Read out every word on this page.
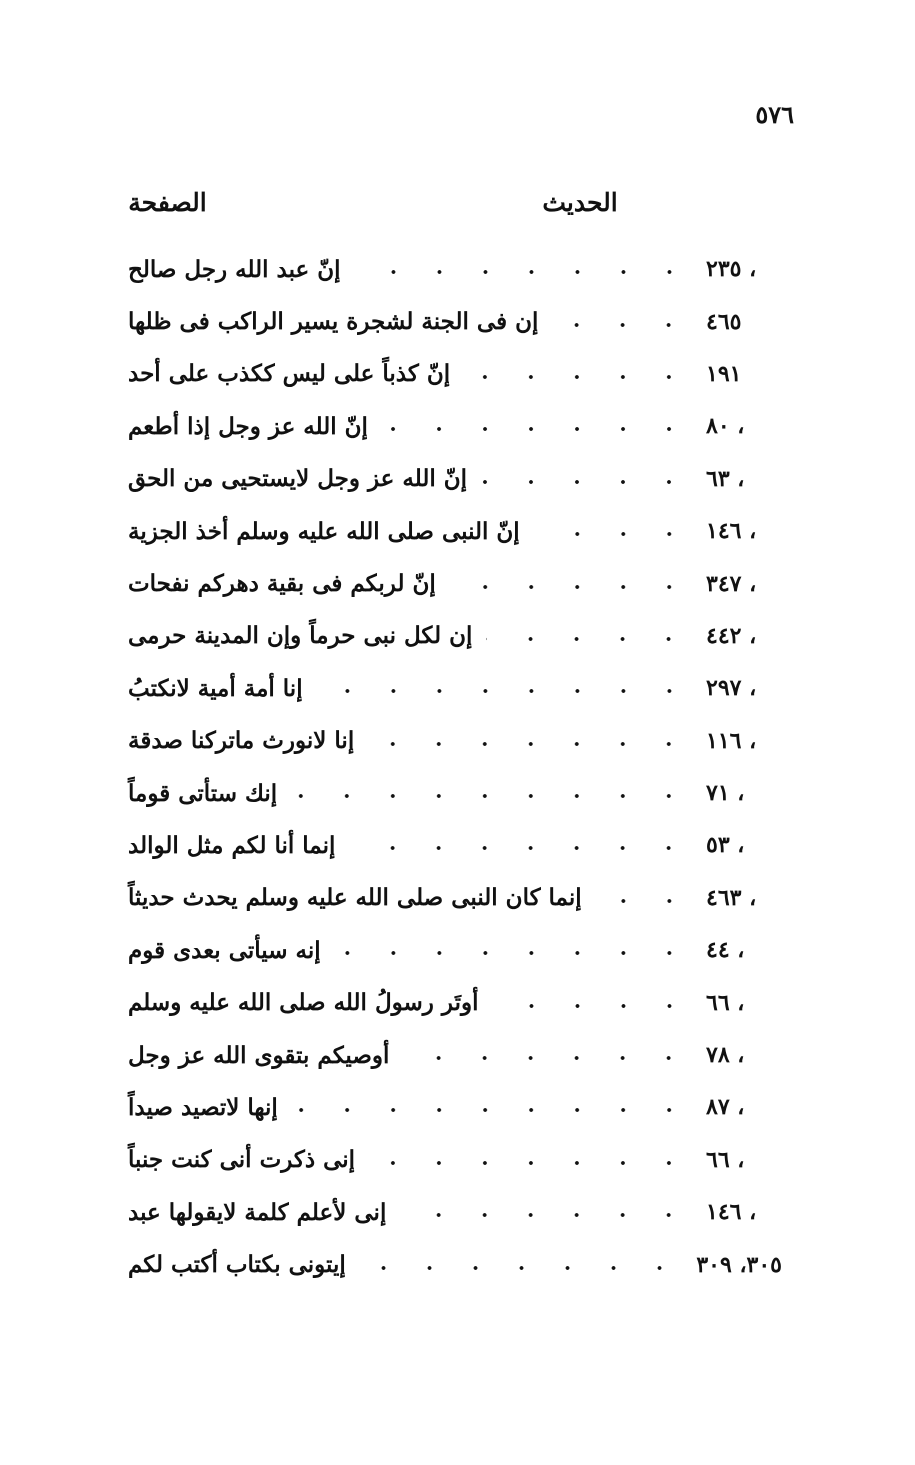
٥٧٦
الحديث
الصفحة
إنّ عبد الله رجل صالح	، ٢٣٥
إن فى الجنة لشجرة يسير الراكب فى ظلها	٤٦٥
إنّ كذباً على ليس ككذب على أحد	١٩١
إنّ الله عز وجل إذا أطعم	، ٨٠
إنّ الله عز وجل لايستحيى من الحق	، ٦٣
إنّ النبى صلى الله عليه وسلم أخذ الجزية	، ١٤٦
إنّ لربكم فى بقية دهركم نفحات	، ٣٤٧
إن لكل نبى حرماً وإن المدينة حرمى	، ٤٤٢
إنا أمة أمية لانكتبُ	، ٢٩٧
إنا لانورث ماتركنا صدقة	، ١١٦
إنك ستأتى قوماً	، ٧١
إنما أنا لكم مثل الوالد	، ٥٣
إنما كان النبى صلى الله عليه وسلم يحدث حديثاً	، ٤٦٣
إنه سيأتى بعدى قوم	، ٤٤
أوتَر رسولُ الله صلى الله عليه وسلم	، ٦٦
أوصيكم بتقوى الله عز وجل	، ٧٨
إنها لاتصيد صيداً	، ٨٧
إنى ذكرت أنى كنت جنباً	، ٦٦
إنى لأعلم كلمة لايقولها عبد	، ١٤٦
إيتونى بكتاب أكتب لكم	٣٠٥، ٣٠٩
